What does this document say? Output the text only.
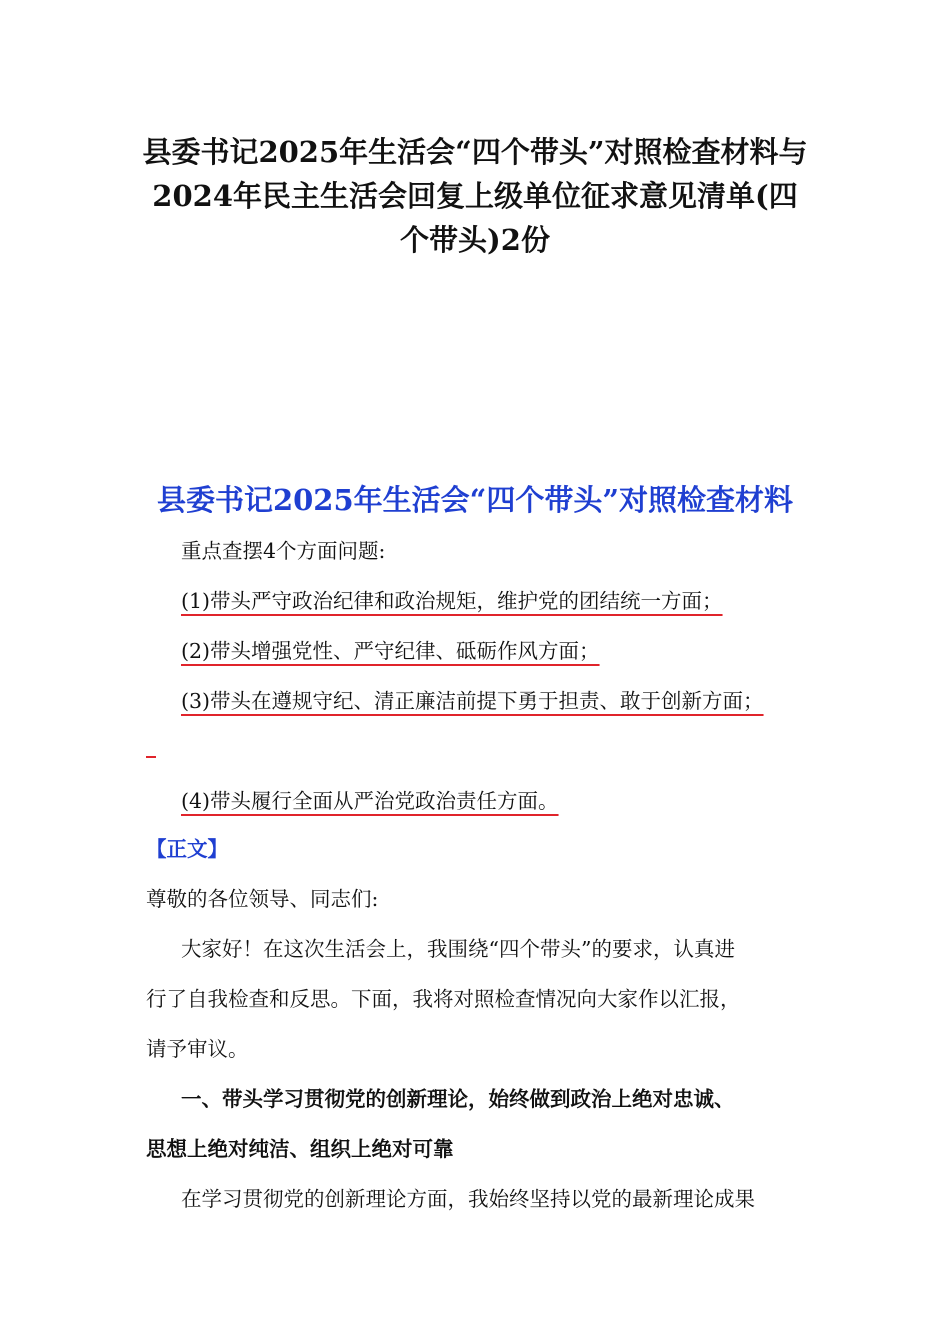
县委书记2025年生活会“四个带头”对照检查材料与2024年民主生活会回复上级单位征求意见清单(四个带头)2份
县委书记2025年生活会“四个带头”对照检查材料
重点查摆4个方面问题:
(1)带头严守政治纪律和政治规矩，维护党的团结统一方面；
(2)带头增强党性、严守纪律、砥砺作风方面；
(3)带头在遵规守纪、清正廉洁前提下勇于担责、敢于创新方面；
(4)带头履行全面从严治党政治责任方面。
【正文】
尊敬的各位领导、同志们:
大家好！在这次生活会上，我围绕“四个带头”的要求，认真进
行了自我检查和反思。下面，我将对照检查情况向大家作以汇报，
请予审议。
一、带头学习贯彻党的创新理论，始终做到政治上绝对忠诚、
思想上绝对纯洁、组织上绝对可靠
在学习贯彻党的创新理论方面，我始终坚持以党的最新理论成果
